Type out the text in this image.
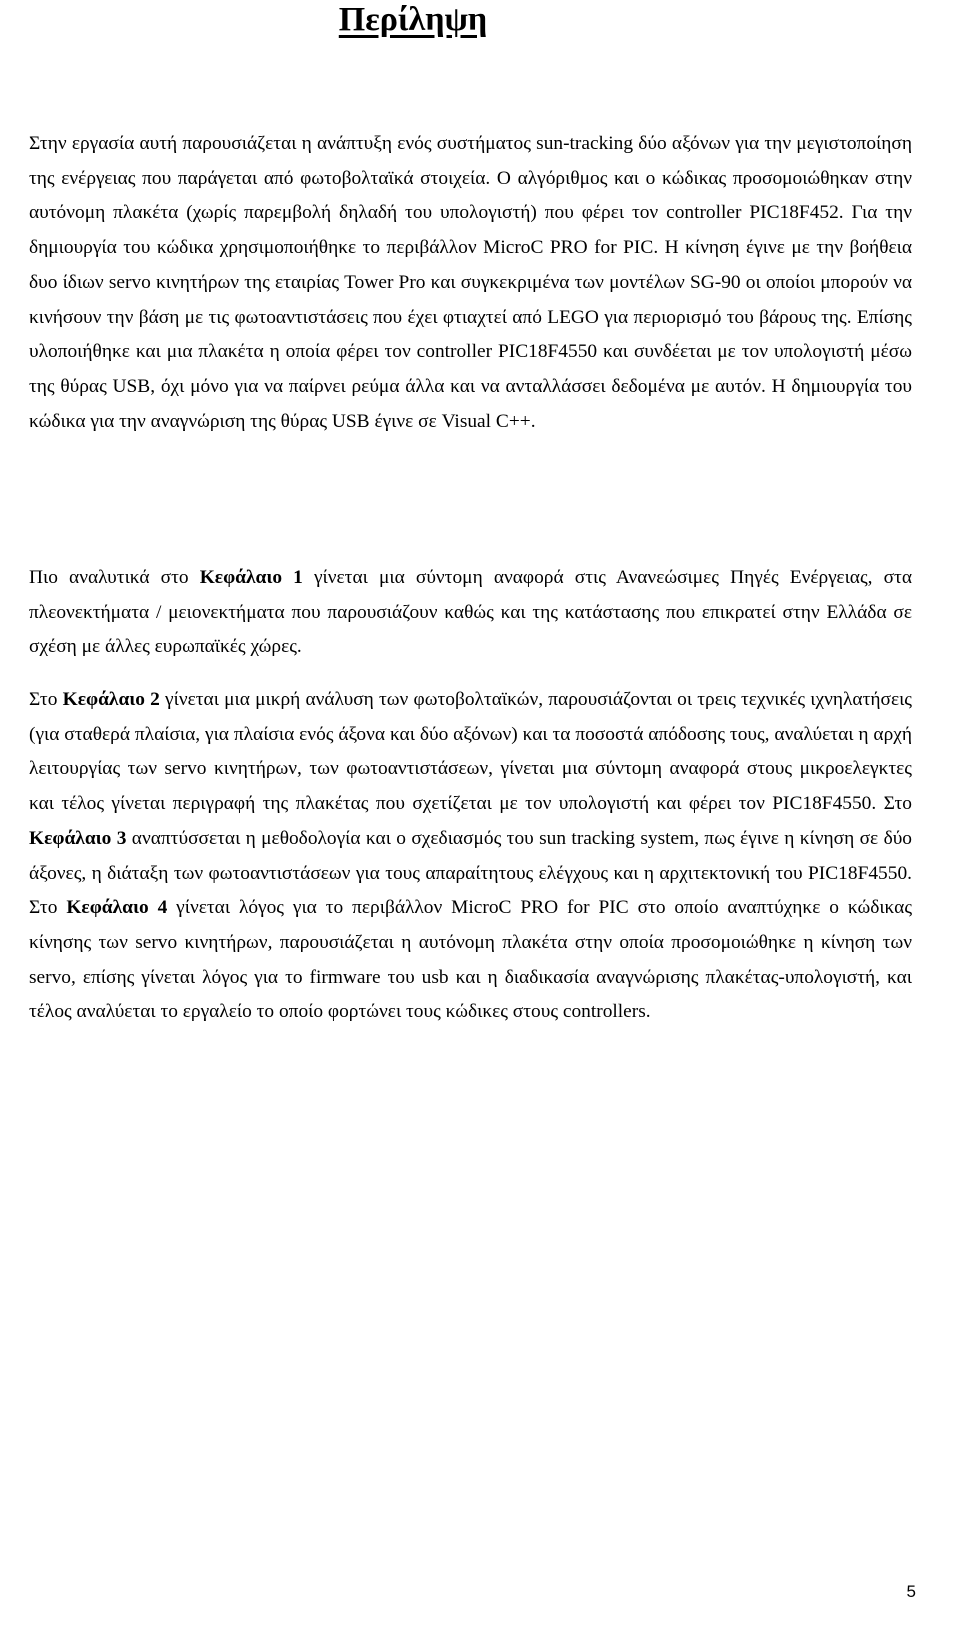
Περίληψη

Στην εργασία αυτή παρουσιάζεται η ανάπτυξη ενός συστήματος sun-tracking δύο αξόνων για την μεγιστοποίηση της ενέργειας που παράγεται από φωτοβολταϊκά στοιχεία. Ο αλγόριθμος και ο κώδικας προσομοιώθηκαν στην αυτόνομη πλακέτα (χωρίς παρεμβολή δηλαδή του υπολογιστή) που φέρει τον controller PIC18F452. Για την δημιουργία του κώδικα χρησιμοποιήθηκε το περιβάλλον MicroC PRO for PIC. Η κίνηση έγινε με την βοήθεια δυο ίδιων servo κινητήρων της εταιρίας Tower Pro και συγκεκριμένα των μοντέλων SG-90 οι οποίοι μπορούν να κινήσουν την βάση με τις φωτοαντιστάσεις που έχει φτιαχτεί από LEGO για περιορισμό του βάρους της. Επίσης υλοποιήθηκε και μια πλακέτα η οποία φέρει τον controller PIC18F4550 και συνδέεται με τον υπολογιστή μέσω της θύρας USB, όχι μόνο για να παίρνει ρεύμα άλλα και να ανταλλάσσει δεδομένα με αυτόν. Η δημιουργία του κώδικα για την αναγνώριση της θύρας USB έγινε σε Visual C++.

Πιο αναλυτικά στο Κεφάλαιο 1 γίνεται μια σύντομη αναφορά στις Ανανεώσιμες Πηγές Ενέργειας, στα πλεονεκτήματα / μειονεκτήματα που παρουσιάζουν καθώς και της κατάστασης που επικρατεί στην Ελλάδα σε σχέση με άλλες ευρωπαϊκές χώρες.

Στο Κεφάλαιο 2 γίνεται μια μικρή ανάλυση των φωτοβολταϊκών, παρουσιάζονται οι τρεις τεχνικές ιχνηλατήσεις (για σταθερά πλαίσια, για πλαίσια ενός άξονα και δύο αξόνων) και τα ποσοστά απόδοσης τους, αναλύεται η αρχή λειτουργίας των servo κινητήρων, των φωτοαντιστάσεων, γίνεται μια σύντομη αναφορά στους μικροελεγκτες και τέλος γίνεται περιγραφή της πλακέτας που σχετίζεται με τον υπολογιστή και φέρει τον PIC18F4550. Στο Κεφάλαιο 3 αναπτύσσεται η μεθοδολογία και ο σχεδιασμός του sun tracking system, πως έγινε η κίνηση σε δύο άξονες, η διάταξη των φωτοαντιστάσεων για τους απαραίτητους ελέγχους και η αρχιτεκτονική του PIC18F4550. Στο Κεφάλαιο 4 γίνεται λόγος για το περιβάλλον MicroC PRO for PIC στο οποίο αναπτύχηκε ο κώδικας κίνησης των servo κινητήρων, παρουσιάζεται η αυτόνομη πλακέτα στην οποία προσομοιώθηκε η κίνηση των servo, επίσης γίνεται λόγος για το firmware του usb και η διαδικασία αναγνώρισης πλακέτας-υπολογιστή, και τέλος αναλύεται το εργαλείο το οποίο φορτώνει τους κώδικες στους controllers.

5
